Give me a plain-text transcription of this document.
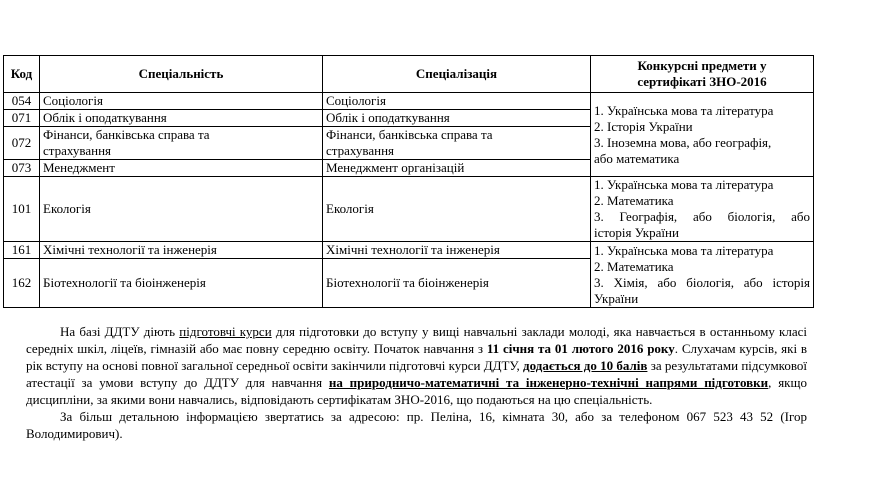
Код	Спеціальність	Спеціалізація	Конкурсні предмети у
сертифікаті ЗНО-2016

054	Соціологія	Соціологія	1. Українська мова та література
2. Історія України
3. Іноземна мова, або географія,
або математика

071	Облік і оподаткування	Облік і оподаткування	
072	Фінанси, банківська справа та
страхування	Фінанси, банківська справа та
страхування	

073	Менеджмент	Менеджмент організацій	
101	Екологія	Екологія	1. Українська мова та література
2. Математика
3. Географія, або біологія, або
історія України

161	Хімічні технології та інженерія	Хімічні технології та інженерія	1. Українська мова та література
2. Математика
3. Хімія, або біологія, або історія
України

162	Біотехнології та біоінженерія	Біотехнології та біоінженерія	

На базі ДДТУ діють підготовчі курси для підготовки до вступу у вищі навчальні заклади молоді, яка навчається в останньому класі середніх шкіл, ліцеїв, гімназій або має повну середню освіту. Початок навчання з 11 січня та 01 лютого 2016 року. Слухачам курсів, які в рік вступу на основі повної загальної середньої освіти закінчили підготовчі курси ДДТУ, додається до 10 балів за результатами підсумкової атестації за умови вступу до ДДТУ для навчання на природничо-математичні та інженерно-технічні напрями підготовки, якщо дисципліни, за якими вони навчались, відповідають сертифікатам ЗНО-2016, що подаються на цю спеціальність.

За більш детальною інформацією звертатись за адресою: пр. Пеліна, 16, кімната 30, або за телефоном 067 523 43 52 (Ігор Володимирович).
